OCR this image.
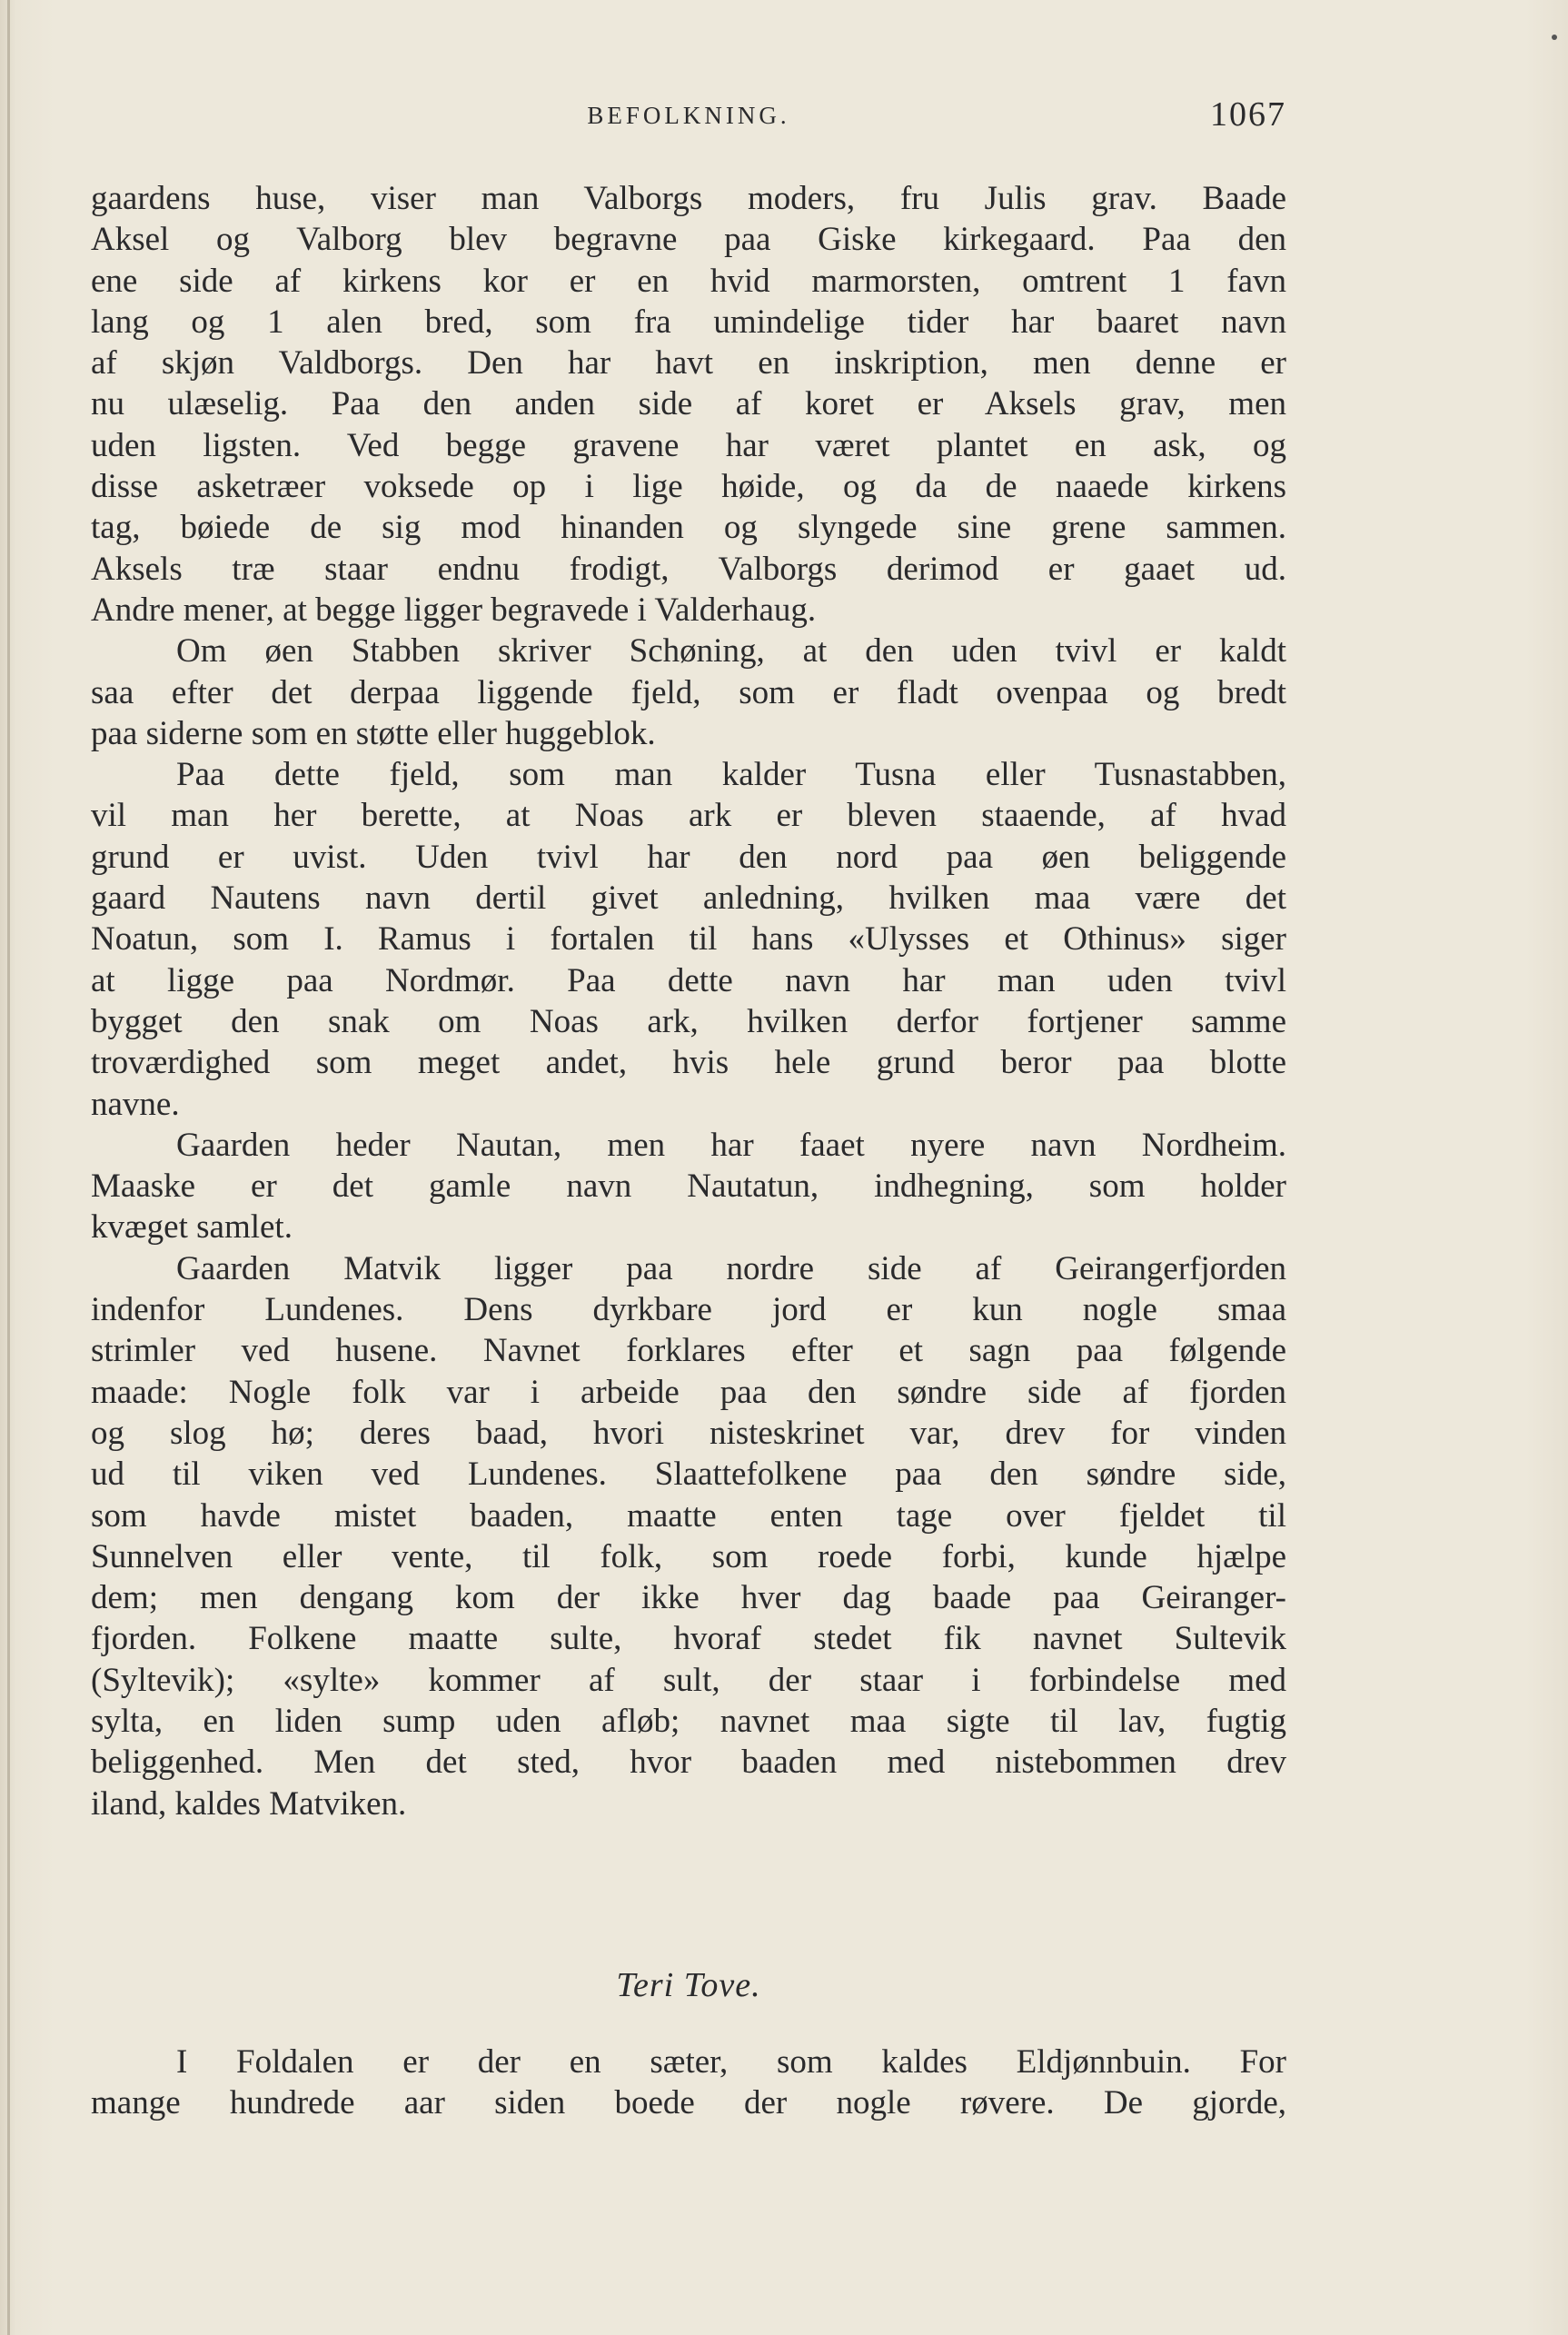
BEFOLKNING.	1067
gaardens huse, viser man Valborgs moders, fru Julis grav. Baade
Aksel og Valborg blev begravne paa Giske kirkegaard. Paa den
ene side af kirkens kor er en hvid marmorsten, omtrent 1 favn
lang og 1 alen bred, som fra umindelige tider har baaret navn
af skjøn Valdborgs. Den har havt en inskription, men denne er
nu ulæselig. Paa den anden side af koret er Aksels grav, men
uden ligsten. Ved begge gravene har været plantet en ask, og
disse asketræer voksede op i lige høide, og da de naaede kirkens
tag, bøiede de sig mod hinanden og slyngede sine grene sammen.
Aksels træ staar endnu frodigt, Valborgs derimod er gaaet ud.
Andre mener, at begge ligger begravede i Valderhaug.
Om øen Stabben skriver Schøning, at den uden tvivl er kaldt
saa efter det derpaa liggende fjeld, som er fladt ovenpaa og bredt
paa siderne som en støtte eller huggeblok.
Paa dette fjeld, som man kalder Tusna eller Tusnastabben,
vil man her berette, at Noas ark er bleven staaende, af hvad
grund er uvist. Uden tvivl har den nord paa øen beliggende
gaard Nautens navn dertil givet anledning, hvilken maa være det
Noatun, som I. Ramus i fortalen til hans «Ulysses et Othinus» siger
at ligge paa Nordmør. Paa dette navn har man uden tvivl
bygget den snak om Noas ark, hvilken derfor fortjener samme
troværdighed som meget andet, hvis hele grund beror paa blotte
navne.
Gaarden heder Nautan, men har faaet nyere navn Nordheim.
Maaske er det gamle navn Nautatun, indhegning, som holder
kvæget samlet.
Gaarden Matvik ligger paa nordre side af Geirangerfjorden
indenfor Lundenes. Dens dyrkbare jord er kun nogle smaa
strimler ved husene. Navnet forklares efter et sagn paa følgende
maade: Nogle folk var i arbeide paa den søndre side af fjorden
og slog hø; deres baad, hvori nisteskrinet var, drev for vinden
ud til viken ved Lundenes. Slaattefolkene paa den søndre side,
som havde mistet baaden, maatte enten tage over fjeldet til
Sunnelven eller vente, til folk, som roede forbi, kunde hjælpe
dem; men dengang kom der ikke hver dag baade paa Geiranger-
fjorden. Folkene maatte sulte, hvoraf stedet fik navnet Sultevik
(Syltevik); «sylte» kommer af sult, der staar i forbindelse med
sylta, en liden sump uden afløb; navnet maa sigte til lav, fugtig
beliggenhed. Men det sted, hvor baaden med nistebommen drev
iland, kaldes Matviken.
Teri Tove.
I Foldalen er der en sæter, som kaldes Eldjønnbuin. For
mange hundrede aar siden boede der nogle røvere. De gjorde,
